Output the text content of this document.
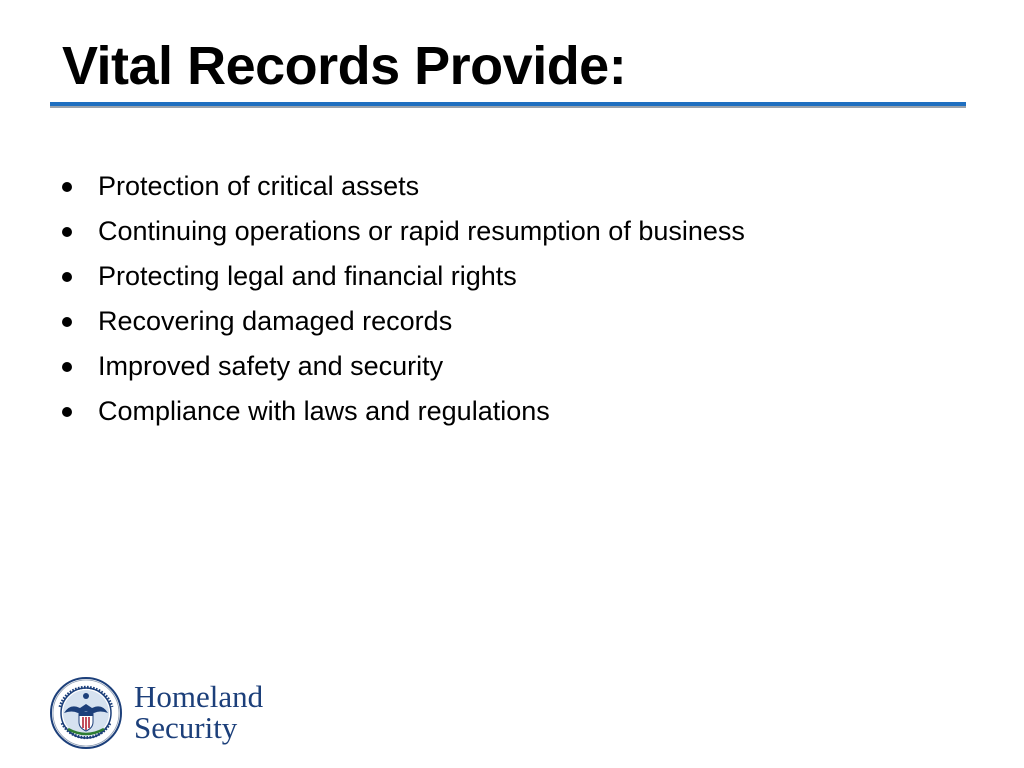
Vital Records Provide:
Protection of critical assets
Continuing operations or rapid resumption of business
Protecting legal and financial rights
Recovering damaged records
Improved safety and security
Compliance with laws and regulations
Homeland
Security
